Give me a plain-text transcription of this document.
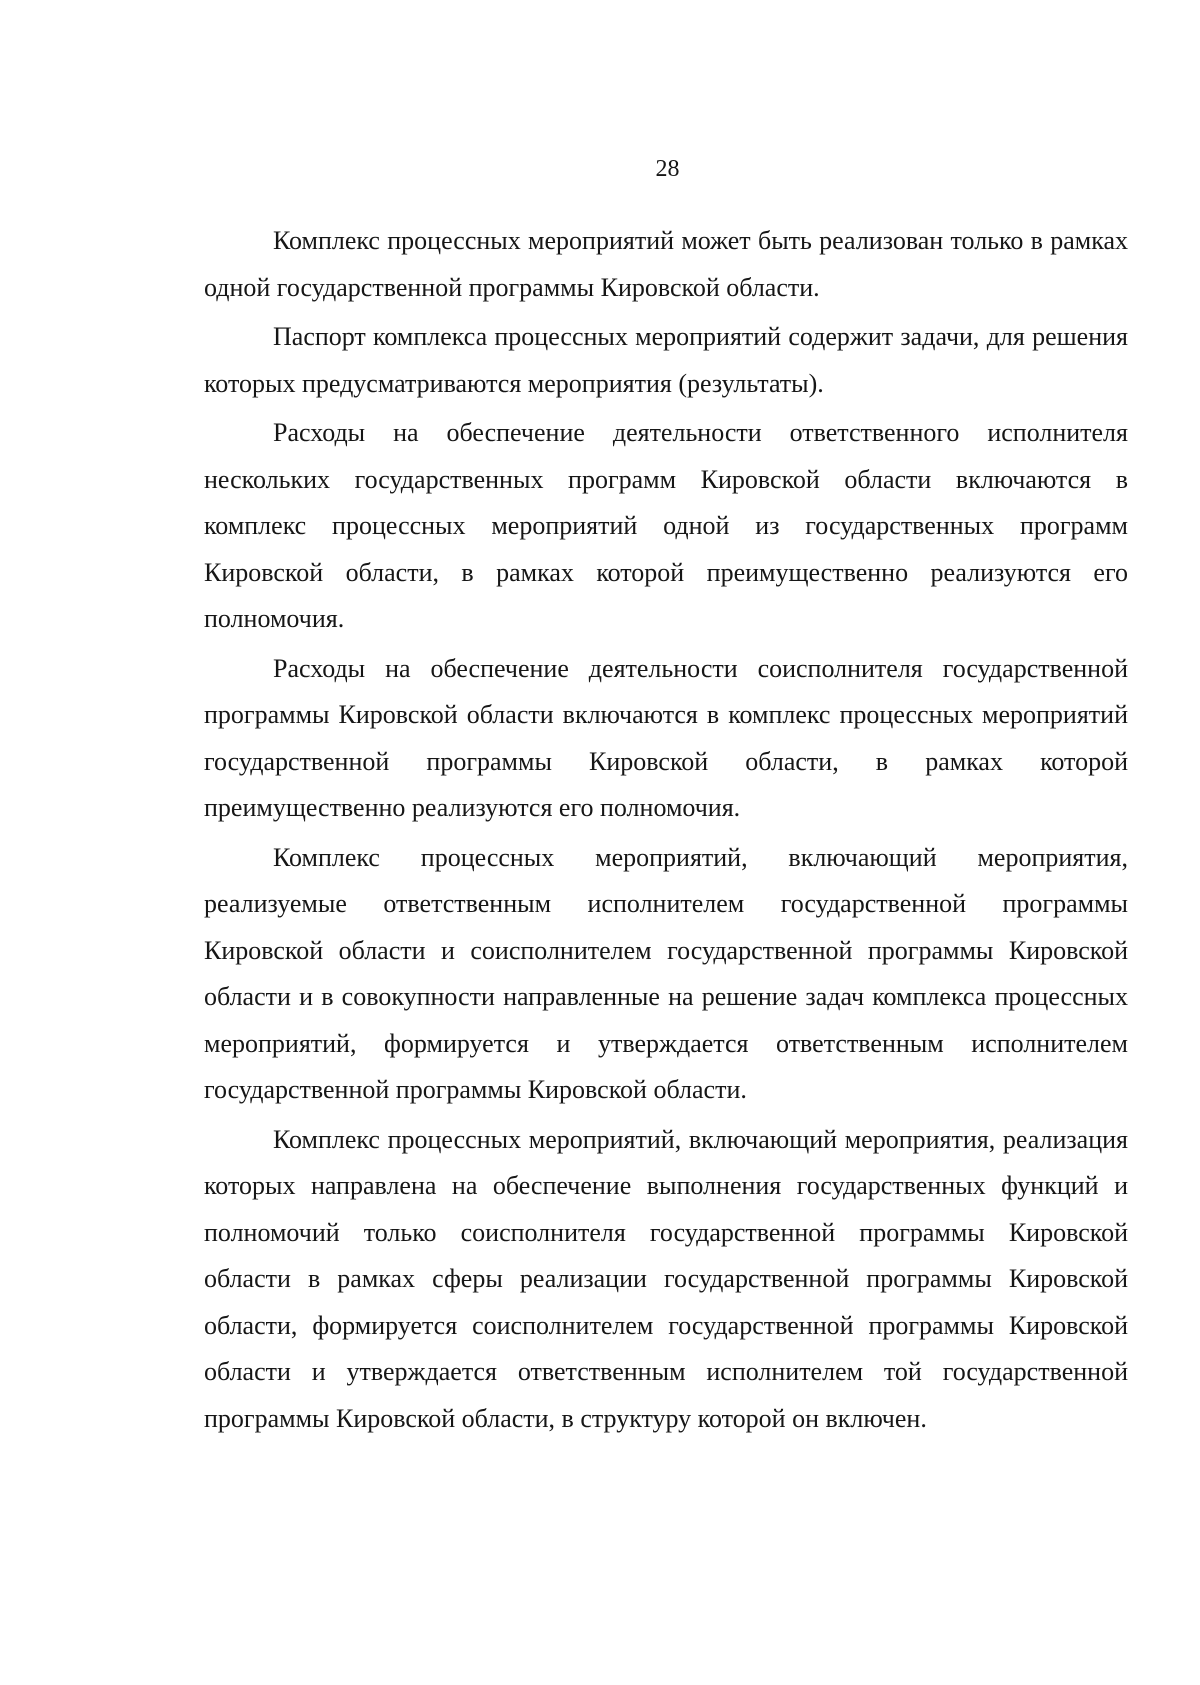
28

Комплекс процессных мероприятий может быть реализован только в рамках одной государственной программы Кировской области.

Паспорт комплекса процессных мероприятий содержит задачи, для решения которых предусматриваются мероприятия (результаты).

Расходы на обеспечение деятельности ответственного исполнителя нескольких государственных программ Кировской области включаются в комплекс процессных мероприятий одной из государственных программ Кировской области, в рамках которой преимущественно реализуются его полномочия.

Расходы на обеспечение деятельности соисполнителя государственной программы Кировской области включаются в комплекс процессных мероприятий государственной программы Кировской области, в рамках которой преимущественно реализуются его полномочия.

Комплекс процессных мероприятий, включающий мероприятия, реализуемые ответственным исполнителем государственной программы Кировской области и соисполнителем государственной программы Кировской области и в совокупности направленные на решение задач комплекса процессных мероприятий, формируется и утверждается ответственным исполнителем государственной программы Кировской области.

Комплекс процессных мероприятий, включающий мероприятия, реализация которых направлена на обеспечение выполнения государственных функций и полномочий только соисполнителя государственной программы Кировской области в рамках сферы реализации государственной программы Кировской области, формируется соисполнителем государственной программы Кировской области и утверждается ответственным исполнителем той государственной программы Кировской области, в структуру которой он включен.
